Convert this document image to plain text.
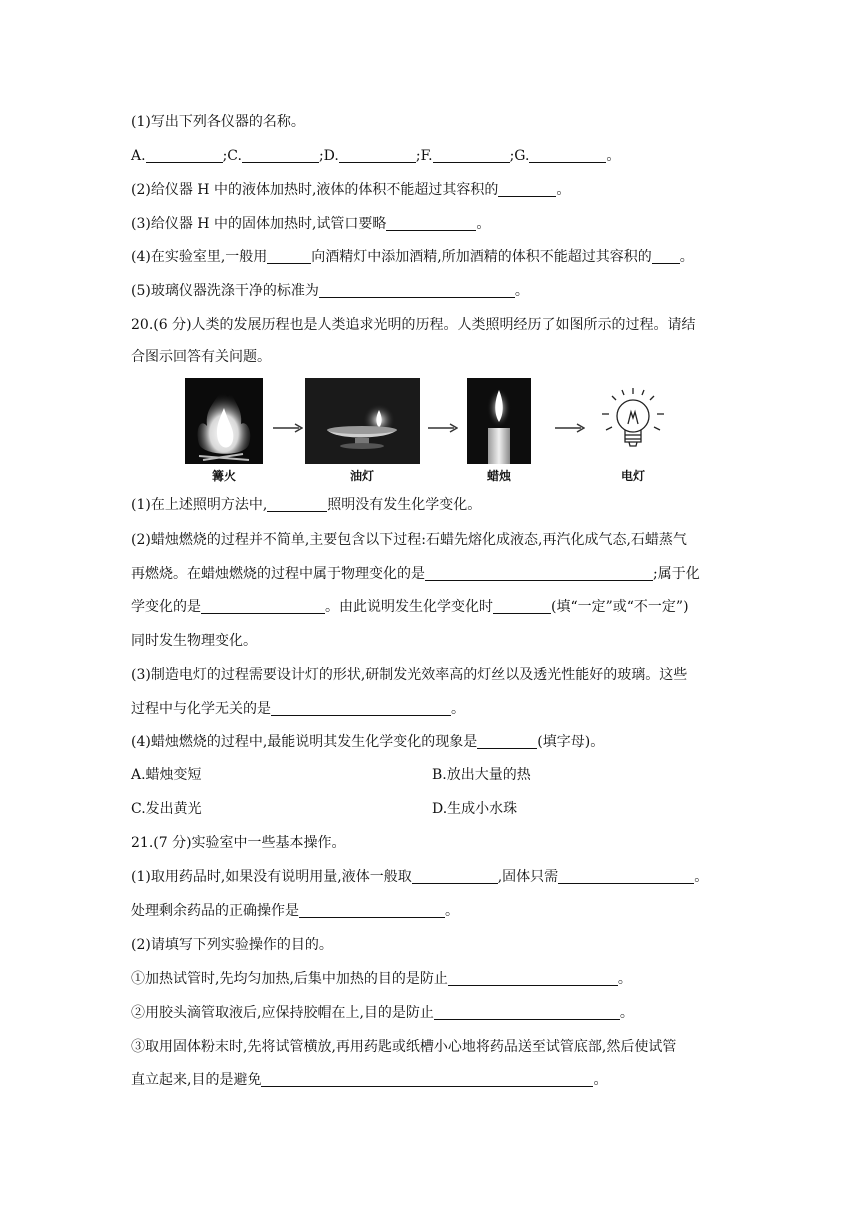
(1)写出下列各仪器的名称。
A.	;C.	;D.	;F.	;G.	。
(2)给仪器 H 中的液体加热时,液体的体积不能超过其容积的	。
(3)给仪器 H 中的固体加热时,试管口要略	。
(4)在实验室里,一般用	向酒精灯中添加酒精,所加酒精的体积不能超过其容积的 。
(5)玻璃仪器洗涤干净的标准为	。
20.(6 分)人类的发展历程也是人类追求光明的历程。人类照明经历了如图所示的过程。请结
合图示回答有关问题。
篝火	油灯	蜡烛	电灯
(1)在上述照明方法中,	照明没有发生化学变化。
(2)蜡烛燃烧的过程并不简单,主要包含以下过程:石蜡先熔化成液态,再汽化成气态,石蜡蒸气
再燃烧。在蜡烛燃烧的过程中属于物理变化的是	;属于化
学变化的是	。由此说明发生化学变化时	(填“一定”或“不一定”)
同时发生物理变化。
(3)制造电灯的过程需要设计灯的形状,研制发光效率高的灯丝以及透光性能好的玻璃。这些
过程中与化学无关的是	。
(4)蜡烛燃烧的过程中,最能说明其发生化学变化的现象是	(填字母)。
A.蜡烛变短	B.放出大量的热
C.发出黄光	D.生成小水珠
21.(7 分)实验室中一些基本操作。
(1)取用药品时,如果没有说明用量,液体一般取	,固体只需	。
处理剩余药品的正确操作是	。
(2)请填写下列实验操作的目的。
①加热试管时,先均匀加热,后集中加热的目的是防止	。
②用胶头滴管取液后,应保持胶帽在上,目的是防止	。
③取用固体粉末时,先将试管横放,再用药匙或纸槽小心地将药品送至试管底部,然后使试管
直立起来,目的是避免	。
